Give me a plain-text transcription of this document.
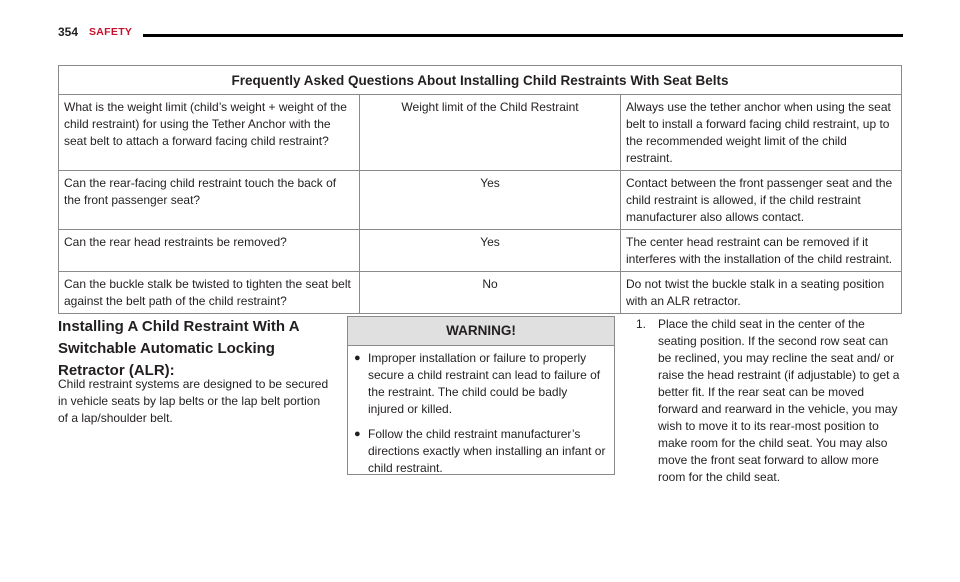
354 SAFETY
Frequently Asked Questions About Installing Child Restraints With Seat Belts		
What is the weight limit (child’s weight + weight of the child restraint) for using the Tether Anchor with the seat belt to attach a forward facing child restraint?	Weight limit of the Child Restraint	Always use the tether anchor when using the seat belt to install a forward facing child restraint, up to the recommended weight limit of the child restraint.
Can the rear-facing child restraint touch the back of the front passenger seat?	Yes	Contact between the front passenger seat and the child restraint is allowed, if the child restraint manufacturer also allows contact.
Can the rear head restraints be removed?	Yes	The center head restraint can be removed if it interferes with the installation of the child restraint.
Can the buckle stalk be twisted to tighten the seat belt against the belt path of the child restraint?	No	Do not twist the buckle stalk in a seating position with an ALR retractor.
Installing A Child Restraint With A Switchable Automatic Locking Retractor (ALR):
Child restraint systems are designed to be secured in vehicle seats by lap belts or the lap belt portion of a lap/shoulder belt.
WARNING!
● Improper installation or failure to properly secure a child restraint can lead to failure of the restraint. The child could be badly injured or killed.
● Follow the child restraint manufacturer’s directions exactly when installing an infant or child restraint.
1. Place the child seat in the center of the seating position. If the second row seat can be reclined, you may recline the seat and/ or raise the head restraint (if adjustable) to get a better fit. If the rear seat can be moved forward and rearward in the vehicle, you may wish to move it to its rear-most position to make room for the child seat. You may also move the front seat forward to allow more room for the child seat.
